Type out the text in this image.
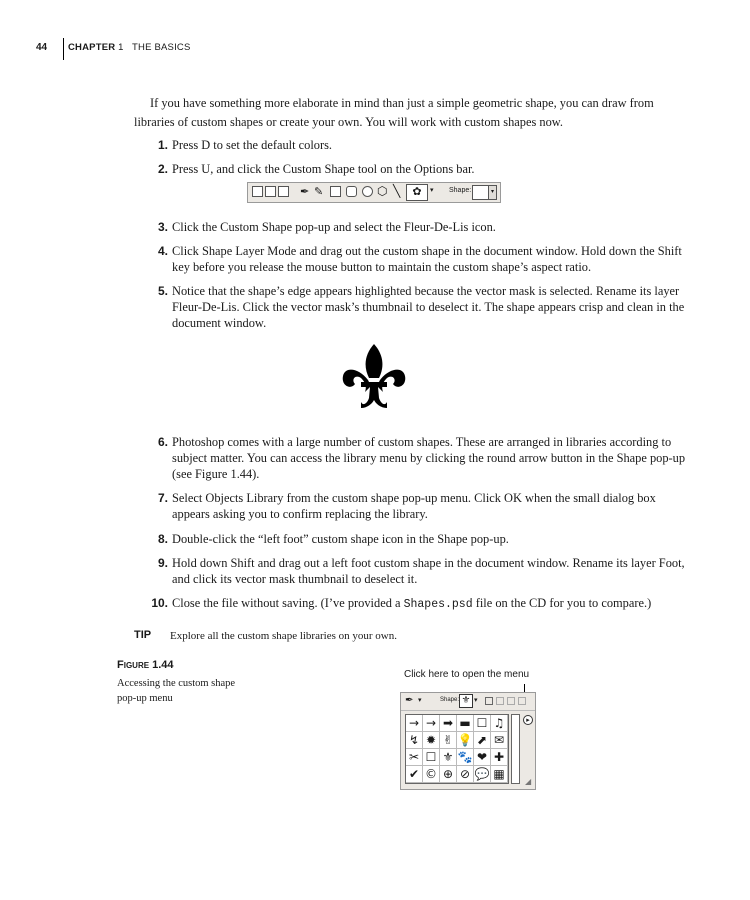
44 CHAPTER 1 THE BASICS
If you have something more elaborate in mind than just a simple geometric shape, you can draw from libraries of custom shapes or create your own. You will work with custom shapes now.
1. Press D to set the default colors.
2. Press U, and click the Custom Shape tool on the Options bar.
✒ ✎	⬡ ╲	✿	▾ Shape:	▾
3. Click the Custom Shape pop-up and select the Fleur-De-Lis icon.
4. Click Shape Layer Mode and drag out the custom shape in the document window. Hold down the Shift key before you release the mouse button to maintain the custom shape’s aspect ratio.
5. Notice that the shape’s edge appears highlighted because the vector mask is selected. Rename its layer Fleur-De-Lis. Click the vector mask’s thumbnail to deselect it. The shape appears crisp and clean in the document window.
6. Photoshop comes with a large number of custom shapes. These are arranged in libraries according to subject matter. You can access the library menu by clicking the round arrow button in the Shape pop-up (see Figure 1.44).
7. Select Objects Library from the custom shape pop-up menu. Click OK when the small dialog box appears asking you to confirm replacing the library.
8. Double-click the “left foot” custom shape icon in the Shape pop-up.
9. Hold down Shift and drag out a left foot custom shape in the document window. Rename its layer Foot, and click its vector mask thumbnail to deselect it.
10. Close the file without saving. (I’ve provided a Shapes.psd file on the CD for you to compare.)
TIP Explore all the custom shape libraries on your own.
Figure 1.44
Accessing the custom shape pop-up menu
Click here to open the menu
✒ ▾	Shape: ⚜ ▾
→ → ➡ ▬ ☐ ♫
↯ ✹ ✌ 💡 ⬈ ✉
✂ ☐ ⚜ 🐾 ❤ ✚
✔ © ⊕ ⊘ 💬 ▦
▸
◢
